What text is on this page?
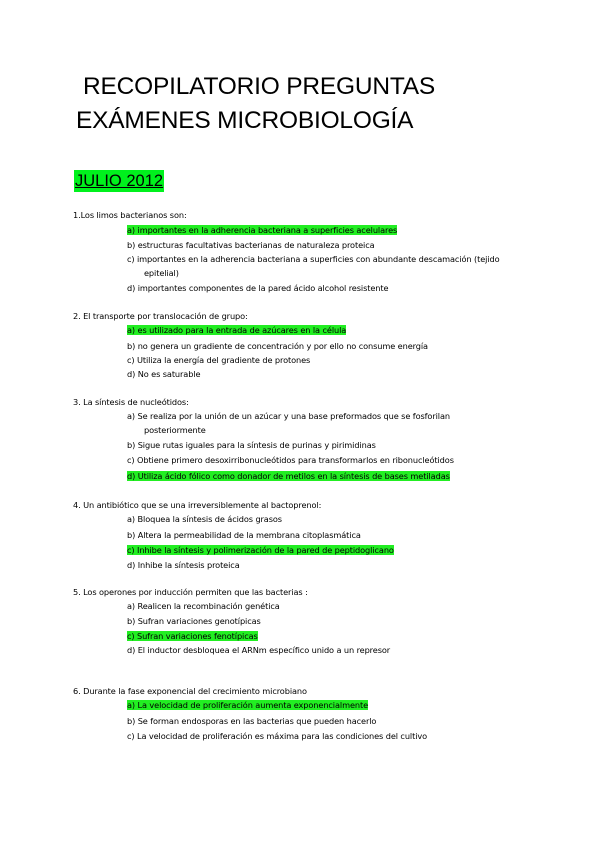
RECOPILATORIO PREGUNTAS
EXÁMENES MICROBIOLOGÍA
JULIO 2012
1.Los limos bacterianos son:
a) importantes en la adherencia bacteriana a superficies acelulares
b) estructuras facultativas bacterianas de naturaleza proteica
c) importantes en la adherencia bacteriana a superficies con abundante descamación (tejido
epitelial)
d) importantes componentes de la pared ácido alcohol resistente
2. El transporte por translocación de grupo:
a) es utilizado para la entrada de azúcares en la célula
b) no genera un gradiente de concentración y por ello no consume energía
c) Utiliza la energía del gradiente de protones
d) No es saturable
3. La síntesis de nucleótidos:
a) Se realiza por la unión de un azúcar y una base preformados que se fosforilan
posteriormente
b) Sigue rutas iguales para la síntesis de purinas y pirimidinas
c) Obtiene primero desoxirribonucleótidos para transformarlos en ribonucleótidos
d) Utiliza ácido fólico como donador de metilos en la síntesis de bases metiladas
4. Un antibiótico que se una irreversiblemente al bactoprenol:
a) Bloquea la síntesis de ácidos grasos
b) Altera la permeabilidad de la membrana citoplasmática
c) Inhibe la síntesis y polimerización de la pared de peptidoglicano
d) Inhibe la síntesis proteica
5. Los operones por inducción permiten que las bacterias :
a) Realicen la recombinación genética
b) Sufran variaciones genotípicas
c) Sufran variaciones fenotípicas
d) El inductor desbloquea el ARNm específico unido a un represor
6. Durante la fase exponencial del crecimiento microbiano
a) La velocidad de proliferación aumenta exponencialmente
b) Se forman endosporas en las bacterias que pueden hacerlo
c) La velocidad de proliferación es máxima para las condiciones del cultivo
